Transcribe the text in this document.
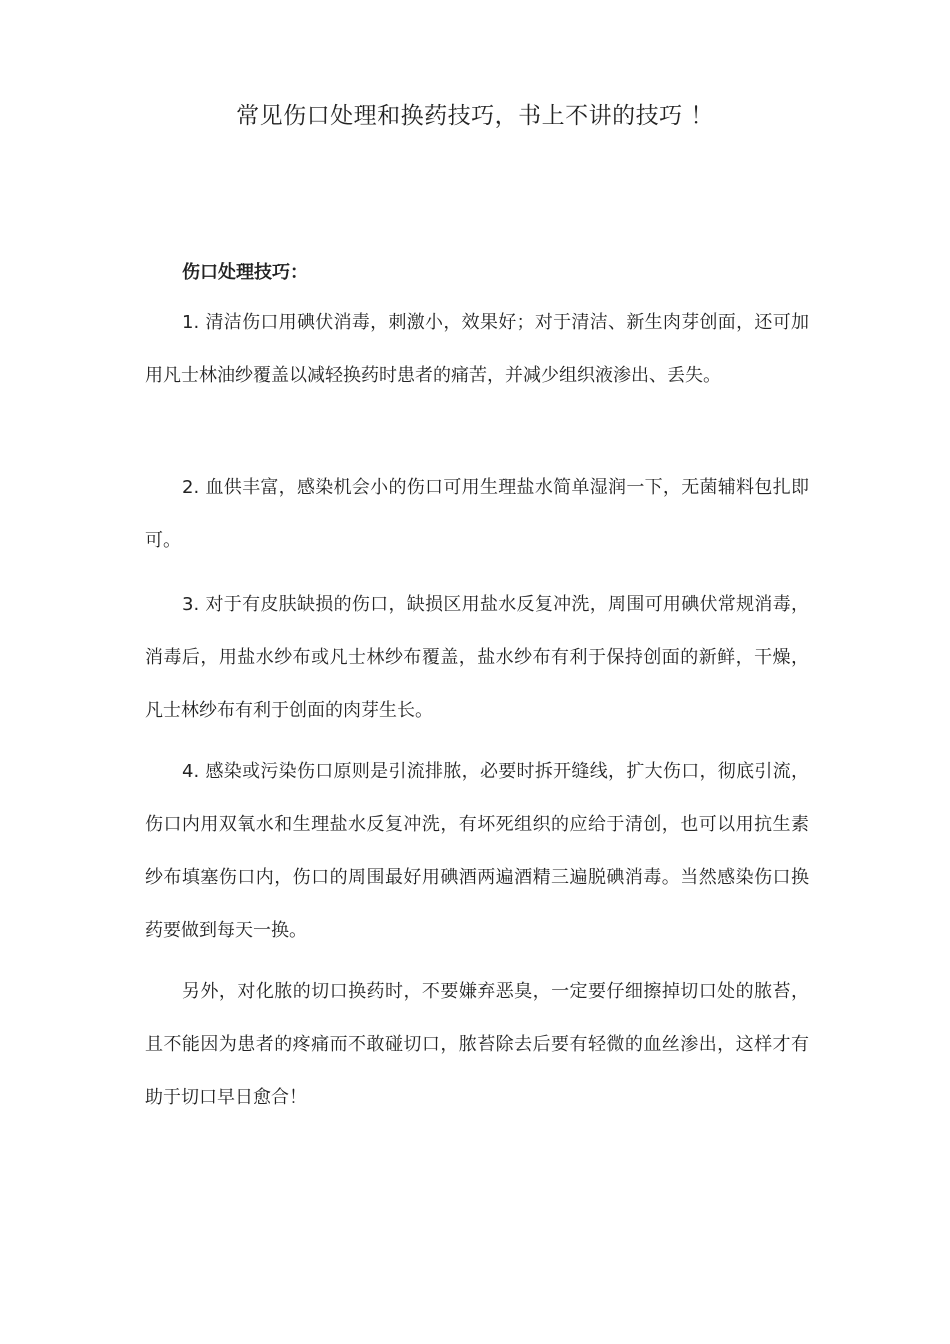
常见伤口处理和换药技巧，书上不讲的技巧 ！
伤口处理技巧：

1. 清洁伤口用碘伏消毒，刺激小，效果好；对于清洁、新生肉芽创面，还可加用凡士林油纱覆盖以减轻换药时患者的痛苦，并减少组织液渗出、丢失。

2. 血供丰富，感染机会小的伤口可用生理盐水简单湿润一下，无菌辅料包扎即可。

3. 对于有皮肤缺损的伤口，缺损区用盐水反复冲洗，周围可用碘伏常规消毒，消毒后，用盐水纱布或凡士林纱布覆盖，盐水纱布有利于保持创面的新鲜，干燥，凡士林纱布有利于创面的肉芽生长。

4. 感染或污染伤口原则是引流排脓，必要时拆开缝线，扩大伤口，彻底引流，伤口内用双氧水和生理盐水反复冲洗，有坏死组织的应给于清创，也可以用抗生素纱布填塞伤口内，伤口的周围最好用碘酒两遍酒精三遍脱碘消毒。当然感染伤口换药要做到每天一换。

另外，对化脓的切口换药时，不要嫌弃恶臭，一定要仔细擦掉切口处的脓苔，且不能因为患者的疼痛而不敢碰切口，脓苔除去后要有轻微的血丝渗出，这样才有助于切口早日愈合！
